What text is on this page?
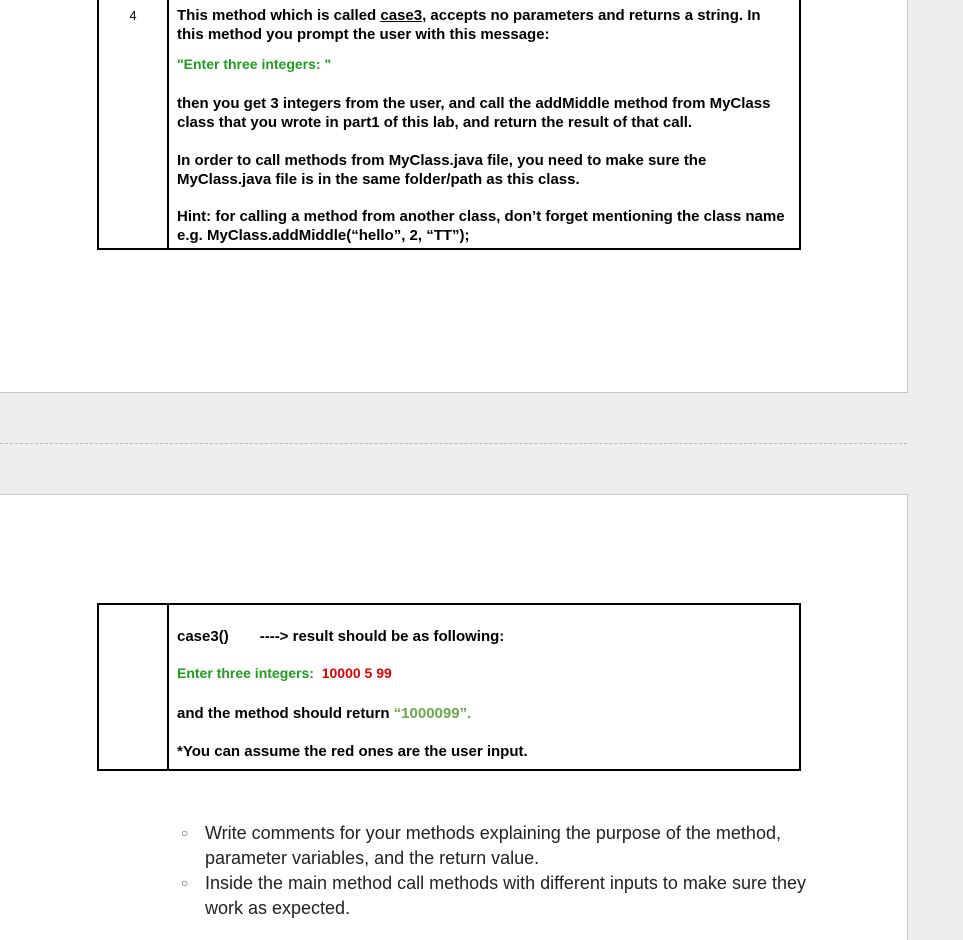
4	This method which is called case3, accepts no parameters and returns a string. In this method you prompt the user with this message:

"Enter three integers: "

then you get 3 integers from the user, and call the addMiddle method from MyClass class that you wrote in part1 of this lab, and return the result of that call.

In order to call methods from MyClass.java file, you need to make sure the MyClass.java file is in the same folder/path as this class.

Hint: for calling a method from another class, don’t forget mentioning the class name e.g. MyClass.addMiddle(“hello”, 2, “TT”);

case3() ----> result should be as following:

Enter three integers: 10000 5 99

and the method should return “1000099”.

*You can assume the red ones are the user input.

○ Write comments for your methods explaining the purpose of the method, parameter variables, and the return value.
○ Inside the main method call methods with different inputs to make sure they work as expected.
